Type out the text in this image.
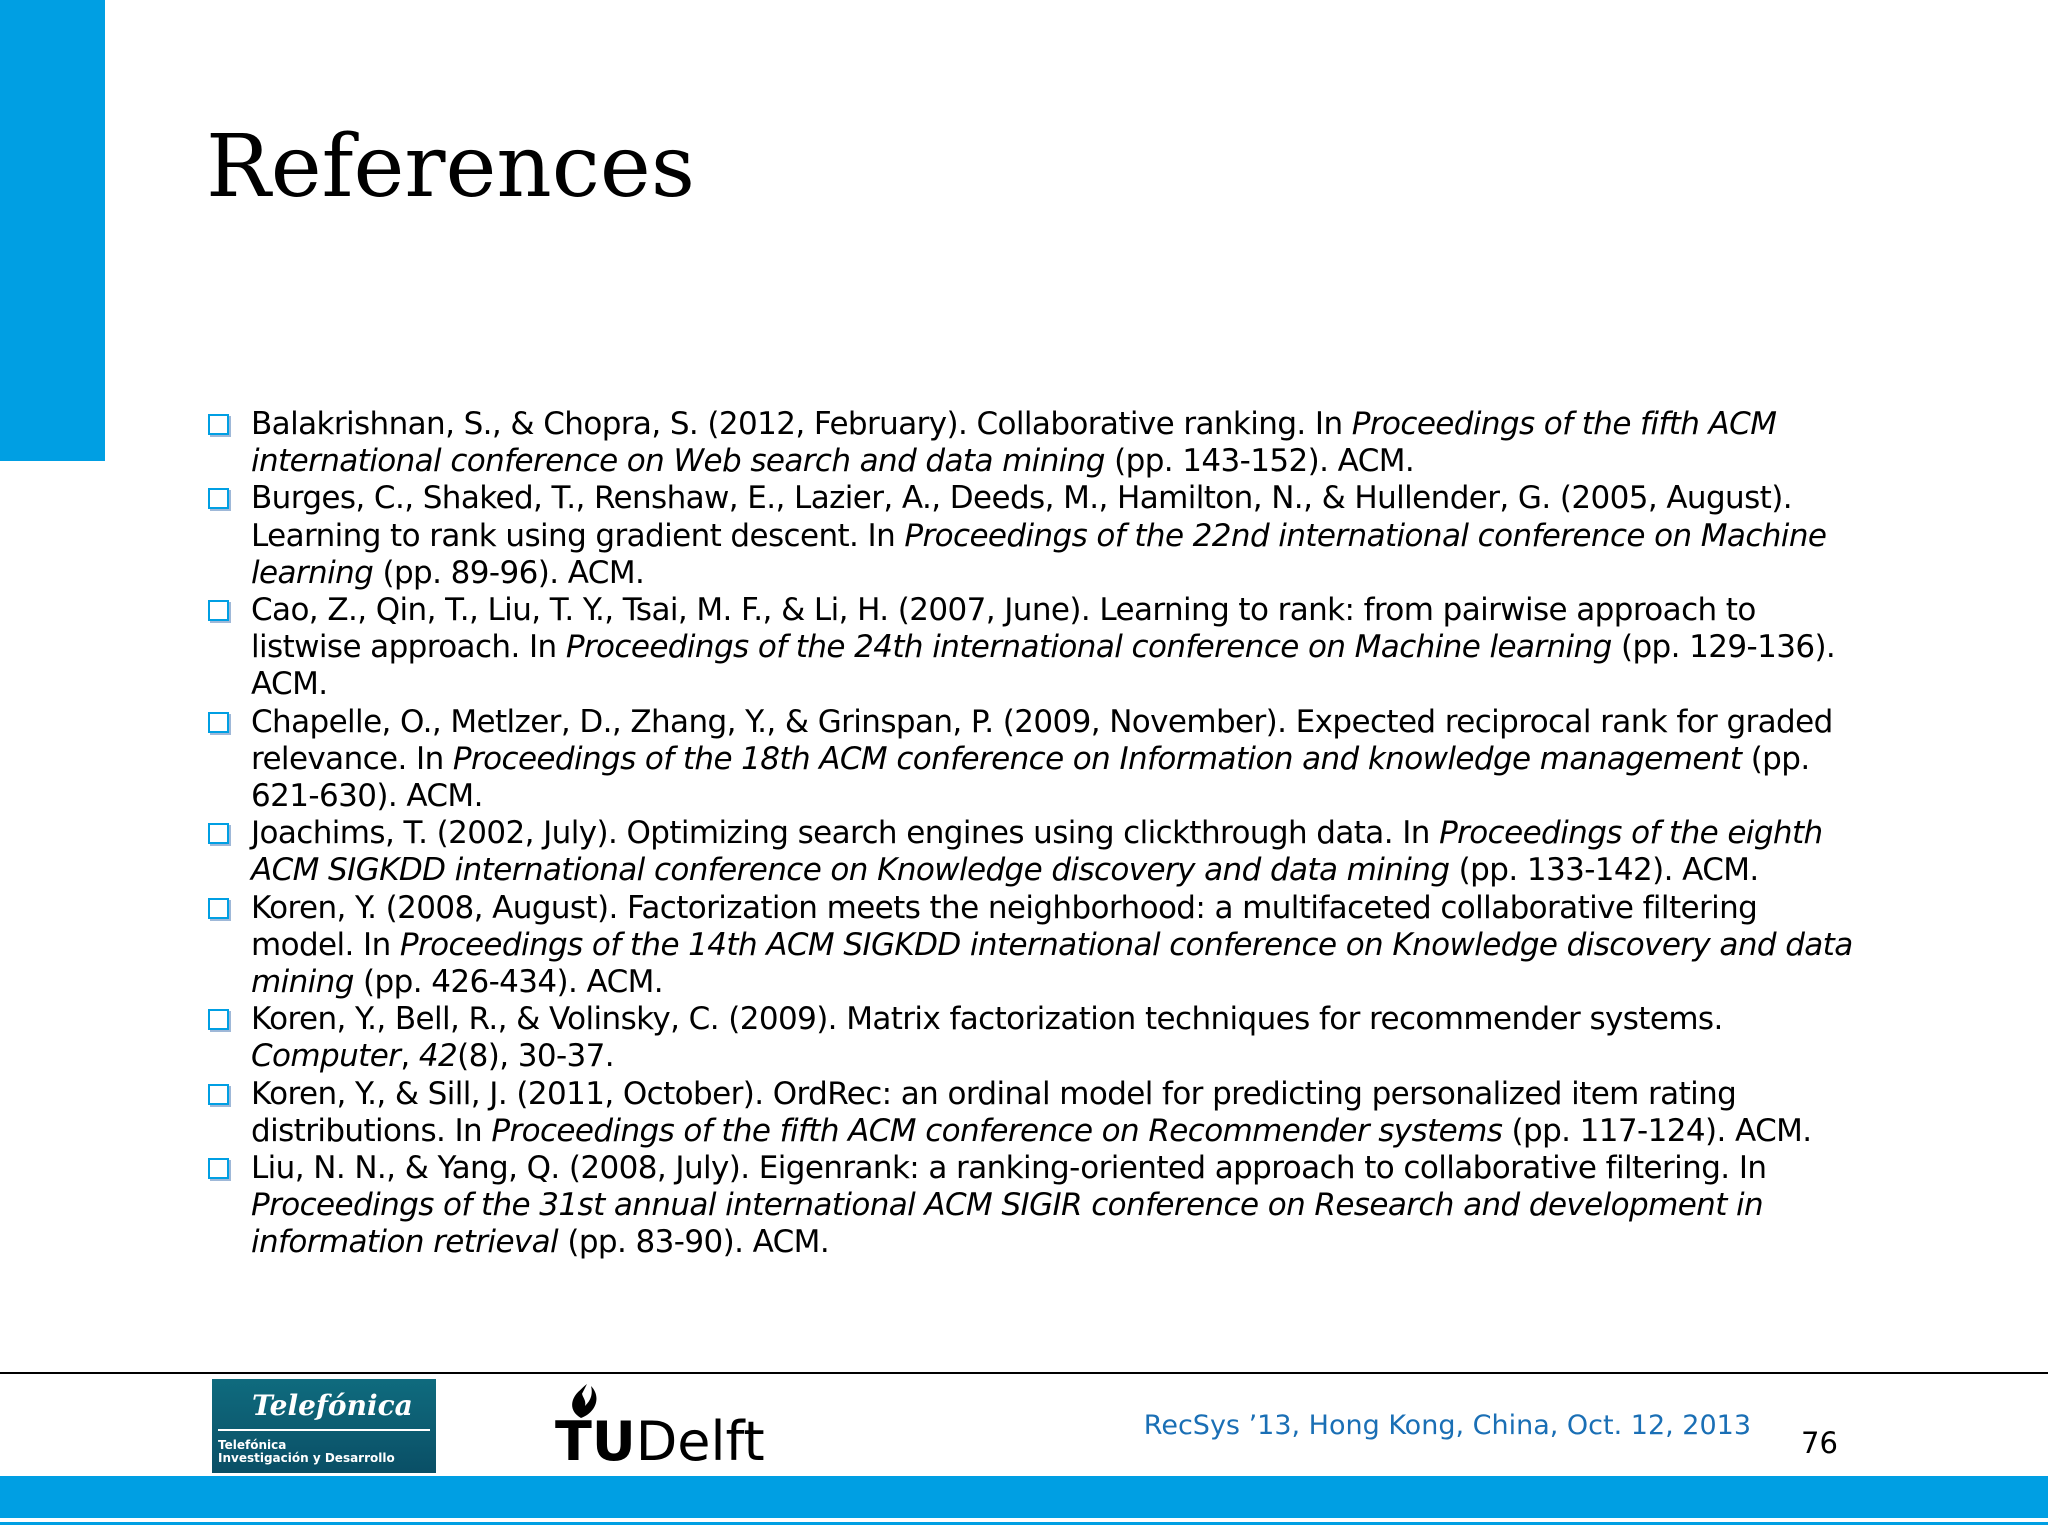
References
Balakrishnan, S., & Chopra, S. (2012, February). Collaborative ranking. In Proceedings of the fifth ACM international conference on Web search and data mining (pp. 143-152). ACM.
Burges, C., Shaked, T., Renshaw, E., Lazier, A., Deeds, M., Hamilton, N., & Hullender, G. (2005, August). Learning to rank using gradient descent. In Proceedings of the 22nd international conference on Machine learning (pp. 89-96). ACM.
Cao, Z., Qin, T., Liu, T. Y., Tsai, M. F., & Li, H. (2007, June). Learning to rank: from pairwise approach to listwise approach. In Proceedings of the 24th international conference on Machine learning (pp. 129-136). ACM.
Chapelle, O., Metlzer, D., Zhang, Y., & Grinspan, P. (2009, November). Expected reciprocal rank for graded relevance. In Proceedings of the 18th ACM conference on Information and knowledge management (pp. 621-630). ACM.
Joachims, T. (2002, July). Optimizing search engines using clickthrough data. In Proceedings of the eighth ACM SIGKDD international conference on Knowledge discovery and data mining (pp. 133-142). ACM.
Koren, Y. (2008, August). Factorization meets the neighborhood: a multifaceted collaborative filtering model. In Proceedings of the 14th ACM SIGKDD international conference on Knowledge discovery and data mining (pp. 426-434). ACM.
Koren, Y., Bell, R., & Volinsky, C. (2009). Matrix factorization techniques for recommender systems. Computer, 42(8), 30-37.
Koren, Y., & Sill, J. (2011, October). OrdRec: an ordinal model for predicting personalized item rating distributions. In Proceedings of the fifth ACM conference on Recommender systems (pp. 117-124). ACM.
Liu, N. N., & Yang, Q. (2008, July). Eigenrank: a ranking-oriented approach to collaborative filtering. In Proceedings of the 31st annual international ACM SIGIR conference on Research and development in information retrieval (pp. 83-90). ACM.
Telefónica
Telefónica
Investigación y Desarrollo	TUDelft	RecSys ’13, Hong Kong, China, Oct. 12, 2013
76
